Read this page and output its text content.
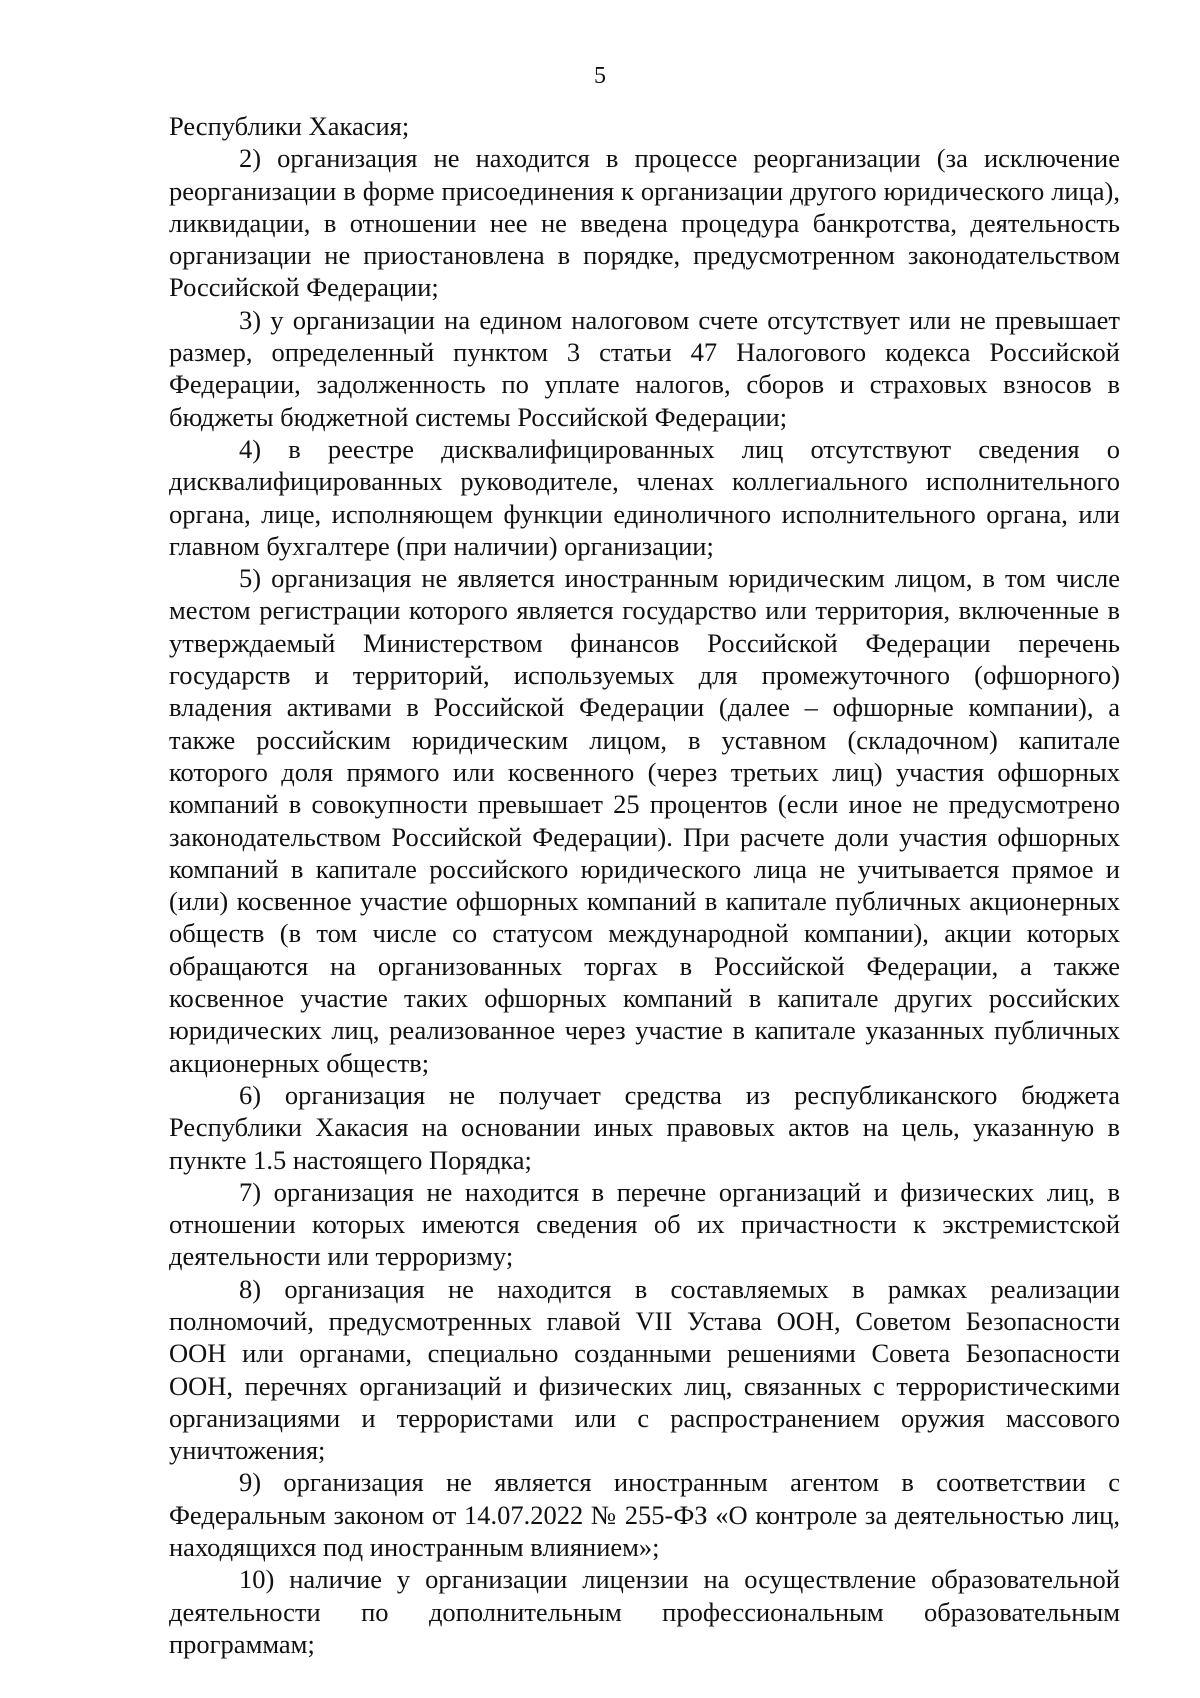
5
Республики Хакасия;
2) организация не находится в процессе реорганизации (за исключение
реорганизации в форме присоединения к организации другого юридического лица),
ликвидации, в отношении нее не введена процедура банкротства, деятельность
организации не приостановлена в порядке, предусмотренном законодательством
Российской Федерации;
3) у организации на едином налоговом счете отсутствует или не превышает
размер, определенный пунктом 3 статьи 47 Налогового кодекса Российской
Федерации, задолженность по уплате налогов, сборов и страховых взносов в
бюджеты бюджетной системы Российской Федерации;
4) в реестре дисквалифицированных лиц отсутствуют сведения о
дисквалифицированных руководителе, членах коллегиального исполнительного
органа, лице, исполняющем функции единоличного исполнительного органа, или
главном бухгалтере (при наличии) организации;
5) организация не является иностранным юридическим лицом, в том числе
местом регистрации которого является государство или территория, включенные в
утверждаемый Министерством финансов Российской Федерации перечень
государств и территорий, используемых для промежуточного (офшорного)
владения активами в Российской Федерации (далее – офшорные компании), а
также российским юридическим лицом, в уставном (складочном) капитале
которого доля прямого или косвенного (через третьих лиц) участия офшорных
компаний в совокупности превышает 25 процентов (если иное не предусмотрено
законодательством Российской Федерации). При расчете доли участия офшорных
компаний в капитале российского юридического лица не учитывается прямое и
(или) косвенное участие офшорных компаний в капитале публичных акционерных
обществ (в том числе со статусом международной компании), акции которых
обращаются на организованных торгах в Российской Федерации, а также
косвенное участие таких офшорных компаний в капитале других российских
юридических лиц, реализованное через участие в капитале указанных публичных
акционерных обществ;
6) организация не получает средства из республиканского бюджета
Республики Хакасия на основании иных правовых актов на цель, указанную в
пункте 1.5 настоящего Порядка;
7) организация не находится в перечне организаций и физических лиц, в
отношении которых имеются сведения об их причастности к экстремистской
деятельности или терроризму;
8) организация не находится в составляемых в рамках реализации
полномочий, предусмотренных главой VII Устава ООН, Советом Безопасности
ООН или органами, специально созданными решениями Совета Безопасности
ООН, перечнях организаций и физических лиц, связанных с террористическими
организациями и террористами или с распространением оружия массового
уничтожения;
9) организация не является иностранным агентом в соответствии с
Федеральным законом от 14.07.2022 № 255-ФЗ «О контроле за деятельностью лиц,
находящихся под иностранным влиянием»;
10) наличие у организации лицензии на осуществление образовательной
деятельности по дополнительным профессиональным образовательным
программам;
